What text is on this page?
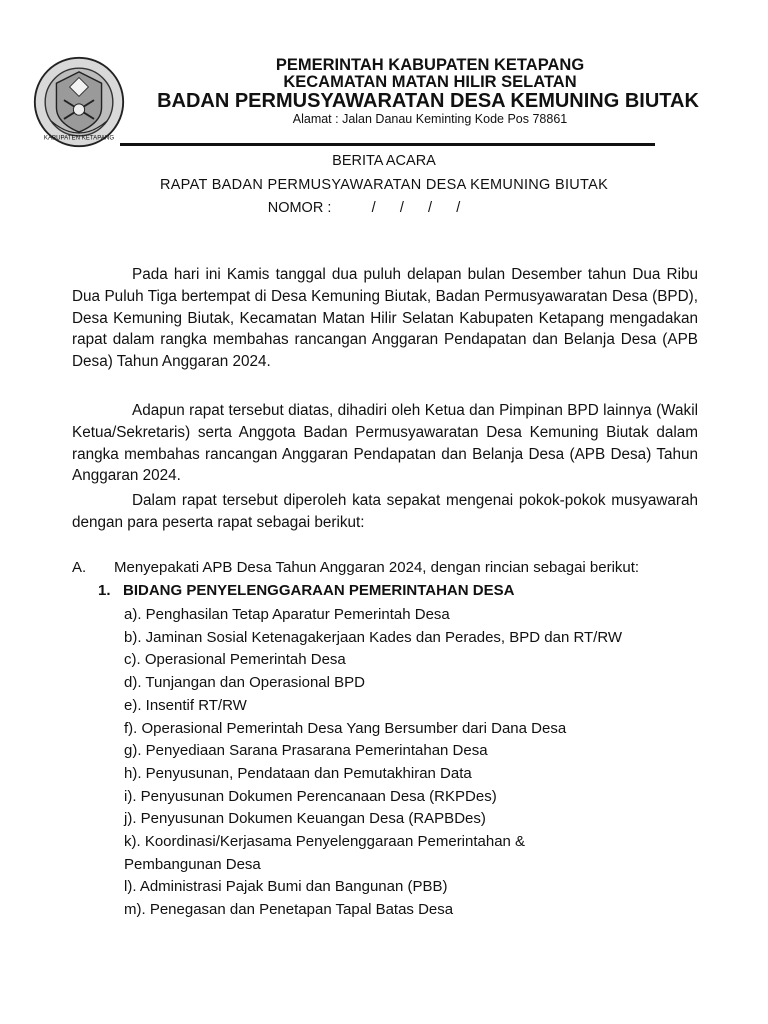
KABUPATEN KETAPANG
PEMERINTAH KABUPATEN KETAPANG
KECAMATAN MATAN HILIR SELATAN
BADAN PERMUSYAWARATAN DESA KEMUNING BIUTAK
Alamat : Jalan Danau Keminting Kode Pos 78861
BERITA ACARA
RAPAT BADAN PERMUSYAWARATAN DESA KEMUNING BIUTAK
NOMOR :          /      /      /      /

Pada hari ini Kamis tanggal dua puluh delapan bulan Desember tahun Dua Ribu Dua Puluh Tiga bertempat di Desa Kemuning Biutak, Badan Permusyawaratan Desa (BPD), Desa Kemuning Biutak, Kecamatan Matan Hilir Selatan Kabupaten Ketapang mengadakan rapat dalam rangka membahas rancangan Anggaran Pendapatan dan Belanja Desa (APB Desa) Tahun Anggaran 2024.

Adapun rapat tersebut diatas, dihadiri oleh Ketua dan Pimpinan BPD lainnya (Wakil Ketua/Sekretaris) serta Anggota Badan Permusyawaratan Desa Kemuning Biutak dalam rangka membahas rancangan Anggaran Pendapatan dan Belanja Desa (APB Desa) Tahun Anggaran 2024.

Dalam rapat tersebut diperoleh kata sepakat mengenai pokok-pokok musyawarah dengan para peserta rapat sebagai berikut:

A. Menyepakati APB Desa Tahun Anggaran 2024, dengan rincian sebagai berikut:
1. BIDANG PENYELENGGARAAN PEMERINTAHAN DESA
a). Penghasilan Tetap Aparatur Pemerintah Desa
b). Jaminan Sosial Ketenagakerjaan Kades dan Perades, BPD dan RT/RW
c). Operasional Pemerintah Desa
d). Tunjangan dan Operasional BPD
e). Insentif RT/RW
f). Operasional Pemerintah Desa Yang Bersumber dari Dana Desa
g). Penyediaan Sarana Prasarana Pemerintahan Desa
h). Penyusunan, Pendataan dan Pemutakhiran Data
i). Penyusunan Dokumen Perencanaan Desa (RKPDes)
j). Penyusunan Dokumen Keuangan Desa (RAPBDes)
k). Koordinasi/Kerjasama Penyelenggaraan Pemerintahan &
Pembangunan Desa
l). Administrasi Pajak Bumi dan Bangunan (PBB)
m). Penegasan dan Penetapan Tapal Batas Desa
